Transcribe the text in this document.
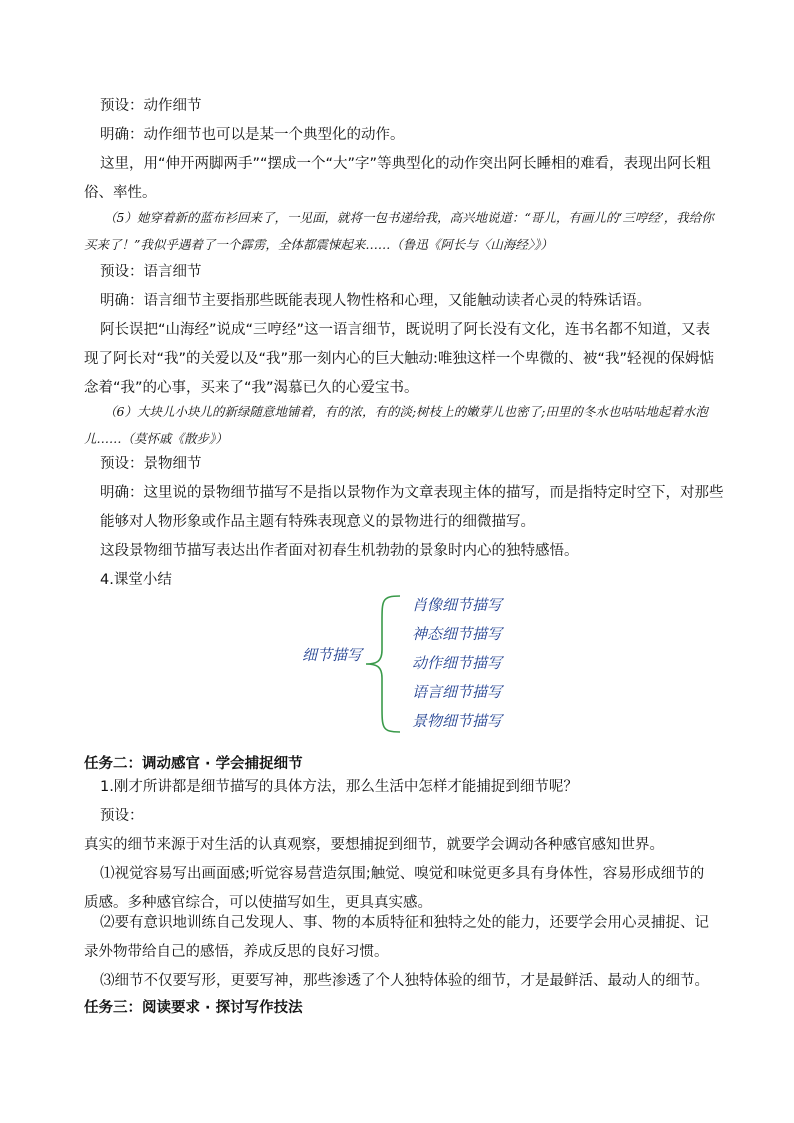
预设：动作细节

明确：动作细节也可以是某一个典型化的动作。

这里，用“伸开两脚两手”“摆成一个“大”字”等典型化的动作突出阿长睡相的难看，表现出阿长粗俗、率性。

（5）她穿着新的蓝布衫回来了，一见面，就将一包书递给我，高兴地说道：“哥儿，有画儿的‘三哼经’，我给你买来了！”我似乎遇着了一个霹雳，全体都震悚起来……（鲁迅《阿长与〈山海经〉》）

预设：语言细节

明确：语言细节主要指那些既能表现人物性格和心理，又能触动读者心灵的特殊话语。

阿长误把“山海经”说成“三哼经”这一语言细节，既说明了阿长没有文化，连书名都不知道，又表现了阿长对“我”的关爱以及“我”那一刻内心的巨大触动:唯独这样一个卑微的、被“我”轻视的保姆惦念着“我”的心事，买来了“我”渴慕已久的心爱宝书。

（6）大块儿小块儿的新绿随意地铺着，有的浓，有的淡;树枝上的嫩芽儿也密了;田里的冬水也咕咕地起着水泡儿……（莫怀戚《散步》）

预设：景物细节

明确：这里说的景物细节描写不是指以景物作为文章表现主体的描写，而是指特定时空下，对那些能够对人物形象或作品主题有特殊表现意义的景物进行的细微描写。

这段景物细节描写表达出作者面对初春生机勃勃的景象时内心的独特感悟。

4.课堂小结

细节描写
肖像细节描写
神态细节描写
动作细节描写
语言细节描写
景物细节描写

任务二：调动感官 · 学会捕捉细节

1.刚才所讲都是细节描写的具体方法，那么生活中怎样才能捕捉到细节呢？

预设：

真实的细节来源于对生活的认真观察，要想捕捉到细节，就要学会调动各种感官感知世界。

⑴视觉容易写出画面感;听觉容易营造氛围;触觉、嗅觉和味觉更多具有身体性，容易形成细节的质感。多种感官综合，可以使描写如生，更具真实感。

⑵要有意识地训练自己发现人、事、物的本质特征和独特之处的能力，还要学会用心灵捕捉、记录外物带给自己的感悟，养成反思的良好习惯。

⑶细节不仅要写形，更要写神，那些渗透了个人独特体验的细节，才是最鲜活、最动人的细节。

任务三：阅读要求 · 探讨写作技法
